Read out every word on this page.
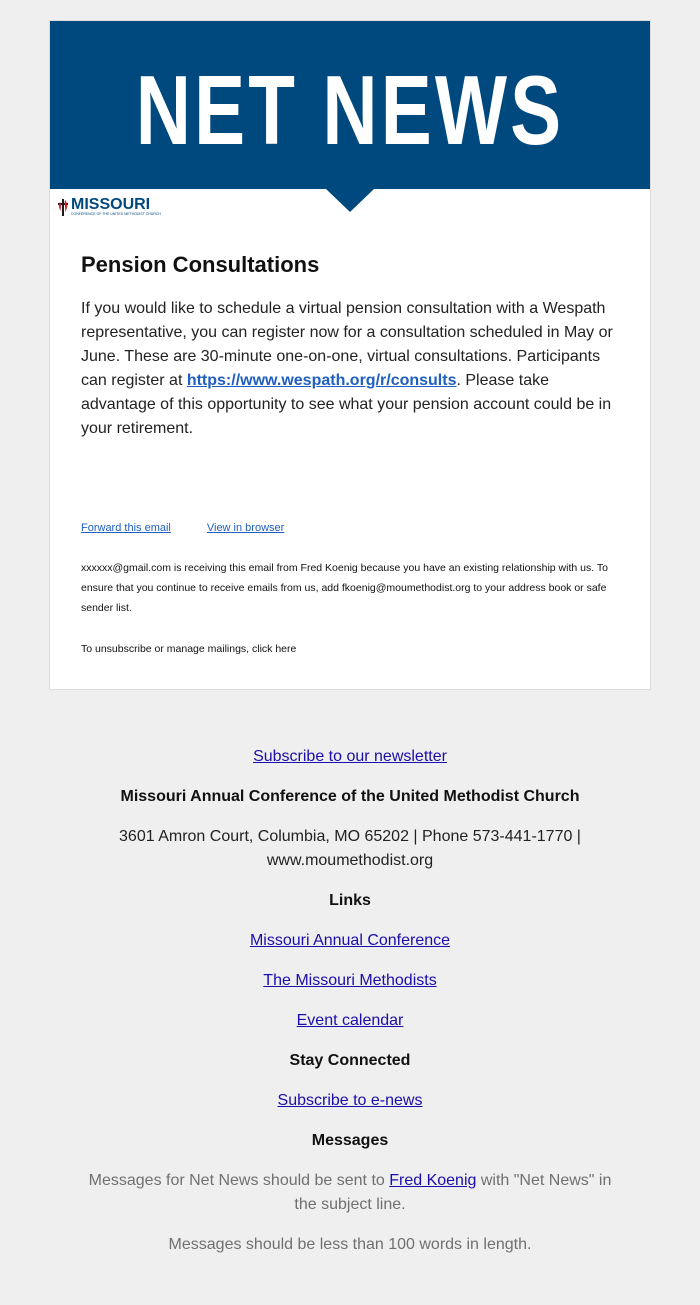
NET NEWS
MISSOURI
CONFERENCE OF THE UNITED METHODIST CHURCH
Pension Consultations

If you would like to schedule a virtual pension consultation with a Wespath representative, you can register now for a consultation scheduled in May or June. These are 30-minute one-on-one, virtual consultations. Participants can register at https://www.wespath.org/r/consults. Please take advantage of this opportunity to see what your pension account could be in your retirement.

Forward this email	View in browser

xxxxxx@gmail.com is receiving this email from Fred Koenig because you have an existing relationship with us. To ensure that you continue to receive emails from us, add fkoenig@moumethodist.org to your address book or safe sender list.

To unsubscribe or manage mailings, click here

Subscribe to our newsletter

Missouri Annual Conference of the United Methodist Church

3601 Amron Court, Columbia, MO 65202 | Phone 573-441-1770 | www.moumethodist.org

Links

Missouri Annual Conference

The Missouri Methodists

Event calendar

Stay Connected

Subscribe to e-news

Messages

Messages for Net News should be sent to Fred Koenig with "Net News" in the subject line.

Messages should be less than 100 words in length.
